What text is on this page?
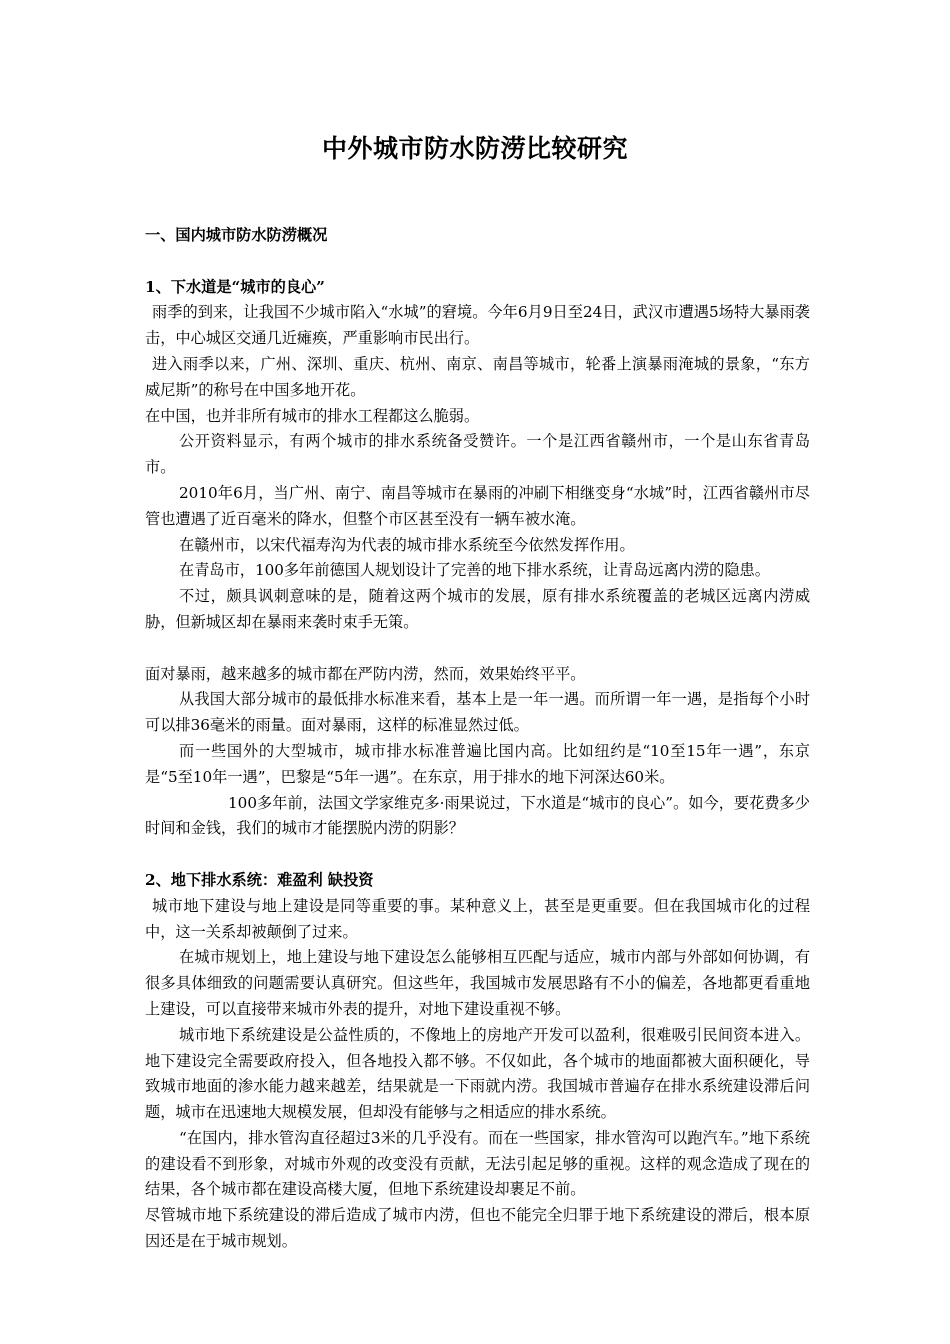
中外城市防水防涝比较研究

一、国内城市防水防涝概况

1、下水道是“城市的良心”

雨季的到来，让我国不少城市陷入“水城”的窘境。今年6月9日至24日，武汉市遭遇5场特大暴雨袭击，中心城区交通几近瘫痪，严重影响市民出行。

进入雨季以来，广州、深圳、重庆、杭州、南京、南昌等城市，轮番上演暴雨淹城的景象，“东方威尼斯”的称号在中国多地开花。

在中国，也并非所有城市的排水工程都这么脆弱。

公开资料显示，有两个城市的排水系统备受赞许。一个是江西省赣州市，一个是山东省青岛市。

2010年6月，当广州、南宁、南昌等城市在暴雨的冲刷下相继变身“水城”时，江西省赣州市尽管也遭遇了近百毫米的降水，但整个市区甚至没有一辆车被水淹。

在赣州市，以宋代福寿沟为代表的城市排水系统至今依然发挥作用。

在青岛市，100多年前德国人规划设计了完善的地下排水系统，让青岛远离内涝的隐患。

不过，颇具讽刺意味的是，随着这两个城市的发展，原有排水系统覆盖的老城区远离内涝威胁，但新城区却在暴雨来袭时束手无策。

面对暴雨，越来越多的城市都在严防内涝，然而，效果始终平平。

从我国大部分城市的最低排水标准来看，基本上是一年一遇。而所谓一年一遇，是指每个小时可以排36毫米的雨量。面对暴雨，这样的标准显然过低。

而一些国外的大型城市，城市排水标准普遍比国内高。比如纽约是“10至15年一遇”，东京是“5至10年一遇”，巴黎是“5年一遇”。在东京，用于排水的地下河深达60米。

100多年前，法国文学家维克多·雨果说过，下水道是“城市的良心”。如今，要花费多少时间和金钱，我们的城市才能摆脱内涝的阴影？

2、地下排水系统：难盈利 缺投资

城市地下建设与地上建设是同等重要的事。某种意义上，甚至是更重要。但在我国城市化的过程中，这一关系却被颠倒了过来。

在城市规划上，地上建设与地下建设怎么能够相互匹配与适应，城市内部与外部如何协调，有很多具体细致的问题需要认真研究。但这些年，我国城市发展思路有不小的偏差，各地都更看重地上建设，可以直接带来城市外表的提升，对地下建设重视不够。

城市地下系统建设是公益性质的，不像地上的房地产开发可以盈利，很难吸引民间资本进入。地下建设完全需要政府投入，但各地投入都不够。不仅如此，各个城市的地面都被大面积硬化，导致城市地面的渗水能力越来越差，结果就是一下雨就内涝。我国城市普遍存在排水系统建设滞后问题，城市在迅速地大规模发展，但却没有能够与之相适应的排水系统。

“在国内，排水管沟直径超过3米的几乎没有。而在一些国家，排水管沟可以跑汽车。”地下系统的建设看不到形象，对城市外观的改变没有贡献，无法引起足够的重视。这样的观念造成了现在的结果，各个城市都在建设高楼大厦，但地下系统建设却裹足不前。

尽管城市地下系统建设的滞后造成了城市内涝，但也不能完全归罪于地下系统建设的滞后，根本原因还是在于城市规划。
